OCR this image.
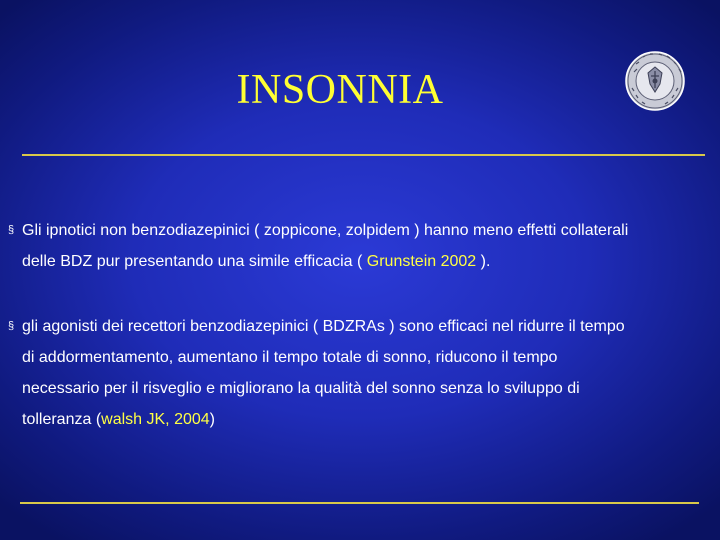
INSONNIA
§ Gli ipnotici non benzodiazepinici ( zoppicone, zolpidem ) hanno meno effetti collaterali
delle BDZ pur presentando una simile efficacia ( Grunstein 2002 ).
§ gli agonisti dei recettori benzodiazepinici ( BDZRAs ) sono efficaci nel ridurre il tempo
di addormentamento, aumentano il tempo totale di sonno, riducono il tempo
necessario per il risveglio e migliorano la qualità del sonno senza lo sviluppo di
tolleranza (walsh JK, 2004)
